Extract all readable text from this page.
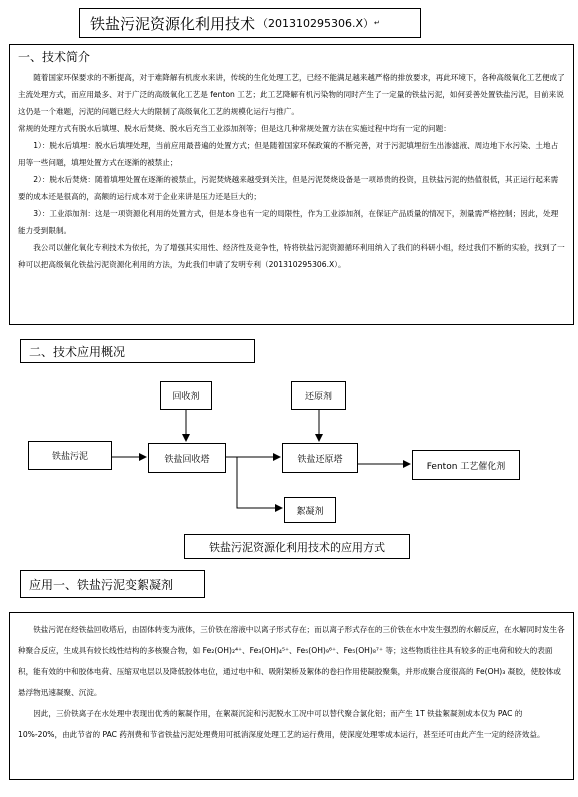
铁盐污泥资源化利用技术 （201310295306.X） ↵
一、技术简介

随着国家环保要求的不断提高，对于难降解有机废水来讲，传统的生化处理工艺，已经不能满足越来越严格的排放要求，再此环境下，各种高级氧化工艺便成了主流处理方式，而应用最多、对于广泛的高级氧化工艺是 fenton 工艺；此工艺降解有机污染物的同时产生了一定量的铁盐污泥，如何妥善处置铁盐污泥，目前来说这仍是一个难题，污泥的问题已经大大的限制了高级氧化工艺的规模化运行与推广。

常规的处理方式有脱水后填埋、脱水后焚烧、脱水后充当工业添加剂等；但是这几种常规处置方法在实施过程中均有一定的问题：

1）：脱水后填埋：脱水后填埋处理，当前应用最普遍的处置方式；但是随着国家环保政策的不断完善，对于污泥填埋衍生出渗滤液、周边地下水污染、土地占用等一些问题，填埋处置方式在逐渐的被禁止；

2）：脱水后焚烧：随着填埋处置在逐渐的被禁止，污泥焚烧越来越受到关注，但是污泥焚烧设备是一项昂贵的投资，且铁盐污泥的热值很低，其正运行起来需要的成本还是很高的，高额的运行成本对于企业来讲是压力还是巨大的；

3）：工业添加剂：这是一项资源化利用的处置方式，但是本身也有一定的局限性，作为工业添加剂，在保证产品质量的情况下，剂量需严格控制；因此，处理能力受到限制。

我公司以催化氧化专利技术为依托，为了增强其实用性、经济性及竞争性，特将铁盐污泥资源循环利用纳入了我们的科研小组，经过我们不断的实验，找到了一种可以把高级氧化铁盐污泥资源化利用的方法，为此我们申请了发明专利（201310295306.X）。

二、技术应用概况
回收剂	还原剂
铁盐污泥	铁盐回收塔	铁盐还原塔
Fenton 工艺催化剂
絮凝剂
铁盐污泥资源化利用技术的应用方式
应用一、铁盐污泥变絮凝剂

铁盐污泥在经铁盐回收塔后，由固体转变为液体，三价铁在溶液中以离子形式存在；而以离子形式存在的三价铁在水中发生强烈的水解反应，在水解同时发生各种聚合反应，生成具有较长线性结构的多核聚合物，如 Fe₂(OH)₂⁴⁺、Fe₃(OH)₄⁵⁺、Fe₅(OH)₉⁶⁺、Fe₅(OH)₈⁷⁺ 等；这些物质往往具有较多的正电荷和较大的表面积，能有效的中和胶体电荷、压缩双电层以及降低胶体电位，通过电中和、吸附架桥及絮体的卷扫作用使凝胶聚集，并形成聚合度很高的 Fe(OH)₃ 凝胶，使胶体或悬浮物迅速凝聚、沉淀。

因此，三价铁离子在水处理中表现出优秀的絮凝作用，在絮凝沉淀和污泥脱水工况中可以替代聚合氯化铝；而产生 1T 铁盐絮凝剂成本仅为 PAC 的 10%-20%，由此节省的 PAC 药剂费和节省铁盐污泥处理费用可抵消深度处理工艺的运行费用，使深度处理零成本运行，甚至还可由此产生一定的经济效益。
